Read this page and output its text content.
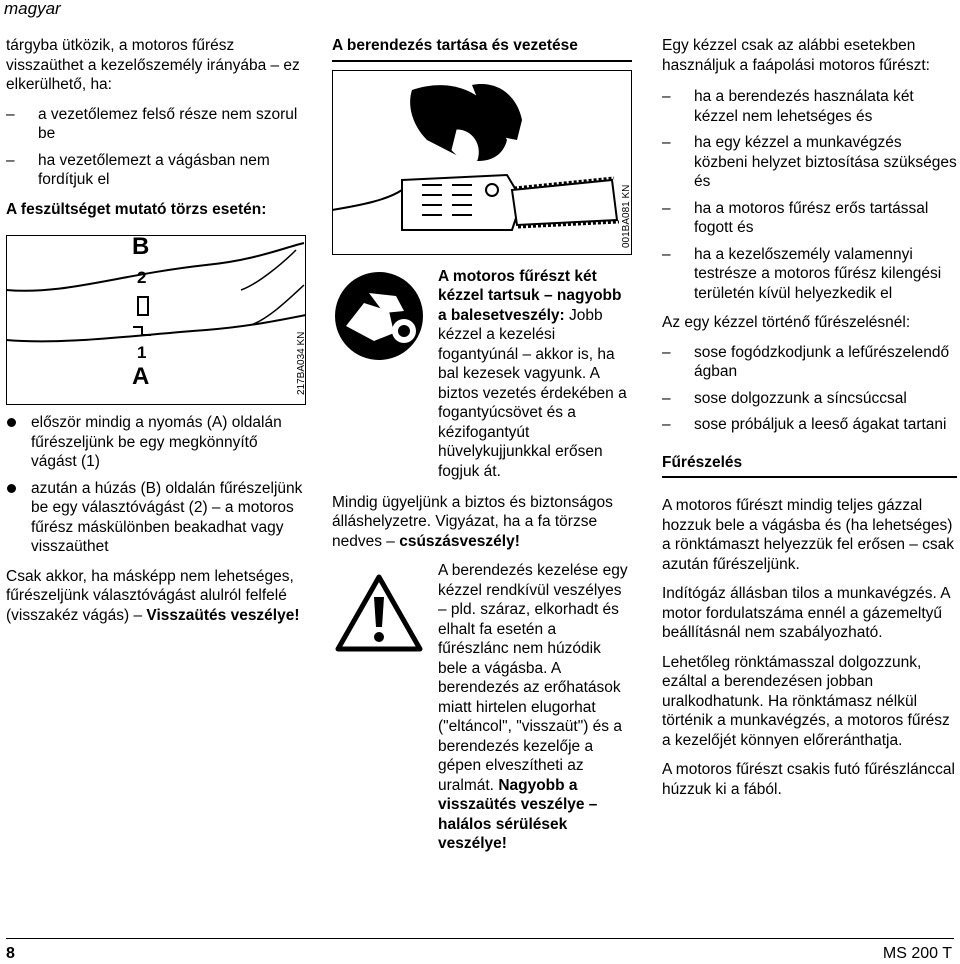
magyar

tárgyba ütközik, a motoros fűrész visszaüthet a kezelőszemély irányába – ez elkerülhető, ha:

– a vezetőlemez felső része nem szorul be
– ha vezetőlemezt a vágásban nem fordítjuk el

A feszültséget mutató törzs esetén:

B
2
1
A	217BA034 KN
először mindig a nyomás (A) oldalán fűrészeljünk be egy megkönnyítő vágást (1)
azután a húzás (B) oldalán fűrészeljünk be egy választóvágást (2) – a motoros fűrész máskülönben beakadhat vagy visszaüthet

Csak akkor, ha másképp nem lehetséges, fűrészeljünk választóvágást alulról felfelé (visszakéz vágás) – Visszaütés veszélye!

A berendezés tartása és vezetése
001BA081 KN
A motoros fűrészt két kézzel tartsuk – nagyobb a balesetveszély: Jobb kézzel a kezelési fogantyúnál – akkor is, ha bal kezesek vagyunk. A biztos vezetés érdekében a fogantyúcsövet és a kézifogantyút hüvelykujjunkkal erősen fogjuk át.

Mindig ügyeljünk a biztos és biztonságos álláshelyzetre. Vigyázat, ha a fa törzse nedves – csúszásveszély!

A berendezés kezelése egy kézzel rendkívül veszélyes – pld. száraz, elkorhadt és elhalt fa esetén a fűrészlánc nem húzódik bele a vágásba. A berendezés az erőhatások miatt hirtelen elugorhat ("eltáncol", "visszaüt") és a berendezés kezelője a gépen elveszítheti az uralmát. Nagyobb a visszaütés veszélye – halálos sérülések veszélye!

Egy kézzel csak az alábbi esetekben használjuk a faápolási motoros fűrészt:

– ha a berendezés használata két kézzel nem lehetséges és
– ha egy kézzel a munkavégzés közbeni helyzet biztosítása szükséges és
– ha a motoros fűrész erős tartással fogott és
– ha a kezelőszemély valamennyi testrésze a motoros fűrész kilengési területén kívül helyezkedik el

Az egy kézzel történő fűrészelésnél:

– sose fogódzkodjunk a lefűrészelendő ágban
– sose dolgozzunk a síncsúccsal
– sose próbáljuk a leeső ágakat tartani
Fűrészelés

A motoros fűrészt mindig teljes gázzal hozzuk bele a vágásba és (ha lehetséges) a rönktámaszt helyezzük fel erősen – csak azután fűrészeljünk.

Indítógáz állásban tilos a munkavégzés. A motor fordulatszáma ennél a gázemeltyű beállításnál nem szabályozható.

Lehetőleg rönktámasszal dolgozzunk, ezáltal a berendezésen jobban uralkodhatunk. Ha rönktámasz nélkül történik a munkavégzés, a motoros fűrész a kezelőjét könnyen előreránthatja.

A motoros fűrészt csakis futó fűrészlánccal húzzuk ki a fából.

8	MS 200 T
